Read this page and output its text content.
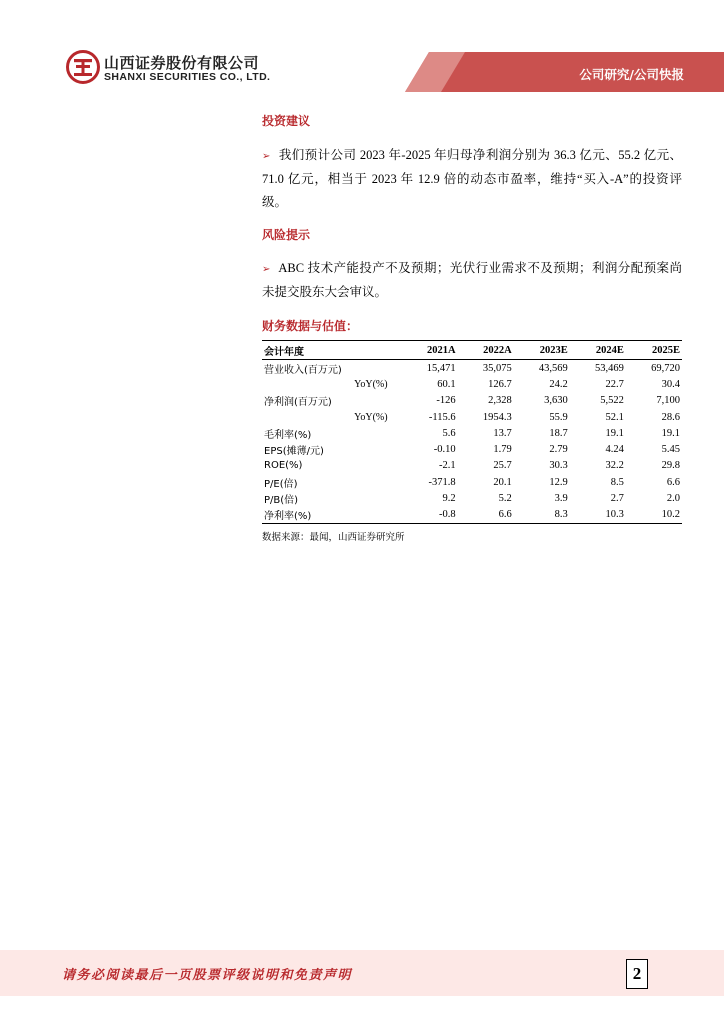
山西证券股份有限公司
SHANXI SECURITIES CO., LTD.	公司研究/公司快报
投资建议

➢ 我们预计公司 2023 年-2025 年归母净利润分别为 36.3 亿元、55.2 亿元、71.0 亿元，相当于 2023 年 12.9 倍的动态市盈率，维持“买入-A”的投资评级。

风险提示

➢ ABC 技术产能投产不及预期；光伏行业需求不及预期；利润分配预案尚未提交股东大会审议。

财务数据与估值：
会计年度	2021A	2022A	2023E	2024E	2025E
营业收入(百万元)	15,471	35,075	43,569	53,469	69,720
YoY(%)	60.1	126.7	24.2	22.7	30.4
净利润(百万元)	-126	2,328	3,630	5,522	7,100
YoY(%)	-115.6	1954.3	55.9	52.1	28.6
毛利率(%)	5.6	13.7	18.7	19.1	19.1
EPS(摊薄/元)	-0.10	1.79	2.79	4.24	5.45
ROE(%)	-2.1	25.7	30.3	32.2	29.8
P/E(倍)	-371.8	20.1	12.9	8.5	6.6
P/B(倍)	9.2	5.2	3.9	2.7	2.0
净利率(%)	-0.8	6.6	8.3	10.3	10.2
数据来源：最闻，山西证券研究所
请务必阅读最后一页股票评级说明和免责声明	2
